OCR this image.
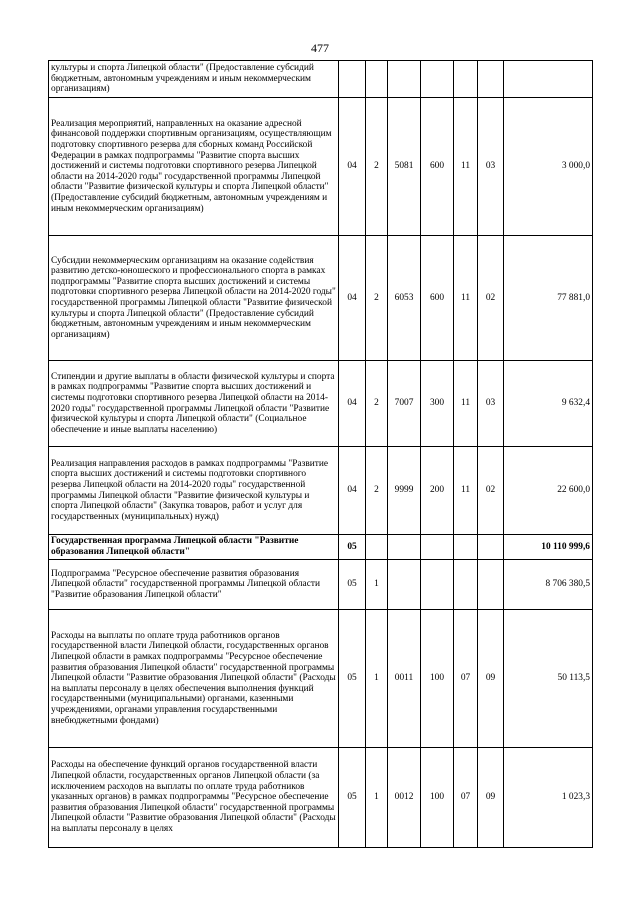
477
культуры и спорта Липецкой области" (Предоставление субсидий бюджетным, автономным учреждениям и иным некоммерческим организациям)							
Реализация мероприятий, направленных на оказание адресной финансовой поддержки спортивным организациям, осуществляющим подготовку спортивного резерва для сборных команд Российской Федерации в рамках подпрограммы "Развитие спорта высших достижений и системы подготовки спортивного резерва Липецкой области на 2014-2020 годы" государственной программы Липецкой области "Развитие физической культуры и спорта Липецкой области" (Предоставление субсидий бюджетным, автономным учреждениям и иным некоммерческим организациям)	04	2	5081	600	11	03	3 000,0
Субсидии некоммерческим организациям на оказание содействия развитию детско-юношеского и профессионального спорта в рамках подпрограммы "Развитие спорта высших достижений и системы подготовки спортивного резерва Липецкой области на 2014-2020 годы" государственной программы Липецкой области "Развитие физической культуры и спорта Липецкой области" (Предоставление субсидий бюджетным, автономным учреждениям и иным некоммерческим организациям)	04	2	6053	600	11	02	77 881,0
Стипендии и другие выплаты в области физической культуры и спорта в рамках подпрограммы "Развитие спорта высших достижений и системы подготовки спортивного резерва Липецкой области на 2014-2020 годы" государственной программы Липецкой области "Развитие физической культуры и спорта Липецкой области" (Социальное обеспечение и иные выплаты населению)	04	2	7007	300	11	03	9 632,4
Реализация направления расходов в рамках подпрограммы "Развитие спорта высших достижений и системы подготовки спортивного резерва Липецкой области на 2014-2020 годы" государственной программы Липецкой области "Развитие физической культуры и спорта Липецкой области" (Закупка товаров, работ и услуг для государственных (муниципальных) нужд)	04	2	9999	200	11	02	22 600,0
Государственная программа Липецкой области "Развитие образования Липецкой области"	05						10 110 999,6
Подпрограмма "Ресурсное обеспечение развития образования Липецкой области" государственной программы Липецкой области "Развитие образования Липецкой области"	05	1					8 706 380,5
Расходы на выплаты по оплате труда работников органов государственной власти Липецкой области, государственных органов Липецкой области в рамках подпрограммы "Ресурсное обеспечение развития образования Липецкой области" государственной программы Липецкой области "Развитие образования Липецкой области" (Расходы на выплаты персоналу в целях обеспечения выполнения функций государственными (муниципальными) органами, казенными учреждениями, органами управления государственными внебюджетными фондами)	05	1	0011	100	07	09	50 113,5
Расходы на обеспечение функций органов государственной власти Липецкой области, государственных органов Липецкой области (за исключением расходов на выплаты по оплате труда работников указанных органов) в рамках подпрограммы "Ресурсное обеспечение развития образования Липецкой области" государственной программы Липецкой области "Развитие образования Липецкой области" (Расходы на выплаты персоналу в целях	05	1	0012	100	07	09	1 023,3
